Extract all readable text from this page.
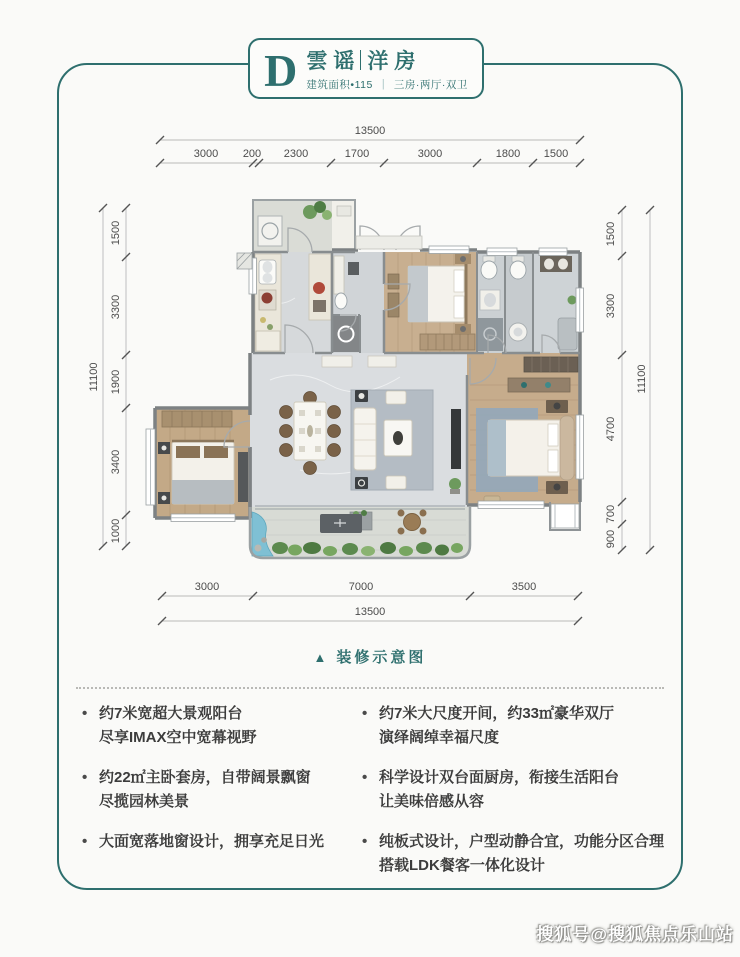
D 雲谣 洋房
建筑面积•115 ｜ 三房·两厅·双卫
13500
3000 200 2300	1700	3000	1800 1500
11100
1500
3300
1900
3400
1000
1500
3300
4700
700
900
11100
3000	7000	3500
13500
▲ 装修示意图
• 约7米宽超大景观阳台
尽享IMAX空中宽幕视野
• 约22㎡主卧套房，自带阔景飘窗
尽揽园林美景
• 大面宽落地窗设计，拥享充足日光
• 约7米大尺度开间，约33㎡豪华双厅
演绎阔绰幸福尺度
• 科学设计双台面厨房，衔接生活阳台
让美味倍感从容
• 纯板式设计，户型动静合宜，功能分区合理
搭载LDK餐客一体化设计
搜狐号@搜狐焦点乐山站
